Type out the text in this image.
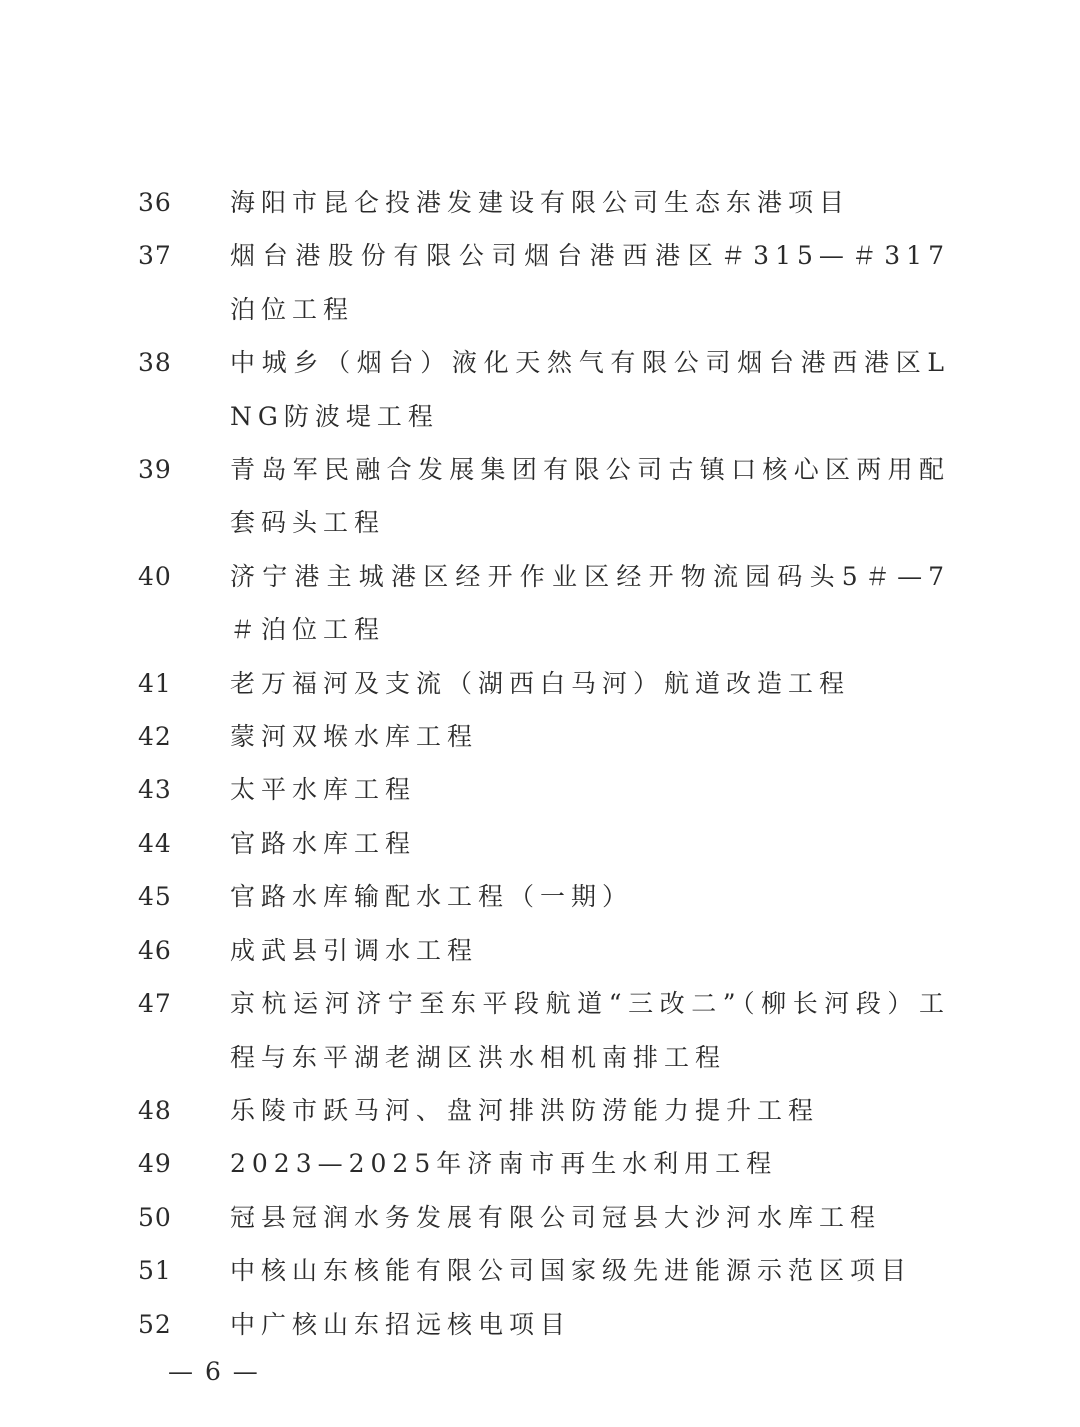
36	海阳市昆仑投港发建设有限公司生态东港项目
37	烟台港股份有限公司烟台港西港区＃315—＃317泊位工程
38	中城乡（烟台）液化天然气有限公司烟台港西港区LNG防波堤工程
39	青岛军民融合发展集团有限公司古镇口核心区两用配套码头工程
40	济宁港主城港区经开作业区经开物流园码头5＃—7＃泊位工程
41	老万福河及支流（湖西白马河）航道改造工程
42	蒙河双堠水库工程
43	太平水库工程
44	官路水库工程
45	官路水库输配水工程（一期）
46	成武县引调水工程
47	京杭运河济宁至东平段航道“三改二”（柳长河段）工程与东平湖老湖区洪水相机南排工程
48	乐陵市跃马河、盘河排洪防涝能力提升工程
49	2023—2025年济南市再生水利用工程
50	冠县冠润水务发展有限公司冠县大沙河水库工程
51	中核山东核能有限公司国家级先进能源示范区项目
52	中广核山东招远核电项目
— 6 —
